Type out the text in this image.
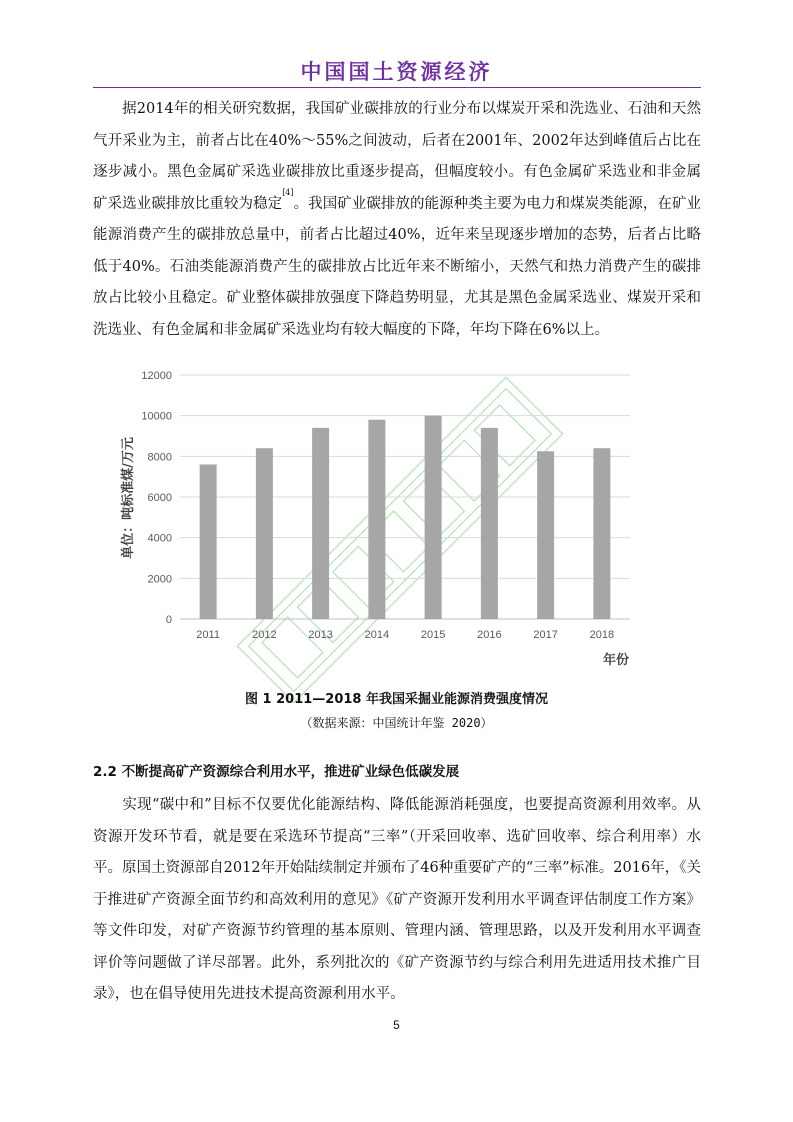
中国国土资源经济

据2014年的相关研究数据，我国矿业碳排放的行业分布以煤炭开采和洗选业、石油和天然气开采业为主，前者占比在40%～55%之间波动，后者在2001年、2002年达到峰值后占比在逐步减小。黑色金属矿采选业碳排放比重逐步提高，但幅度较小。有色金属矿采选业和非金属矿采选业碳排放比重较为稳定[4]。我国矿业碳排放的能源种类主要为电力和煤炭类能源，在矿业能源消费产生的碳排放总量中，前者占比超过40%，近年来呈现逐步增加的态势，后者占比略低于40%。石油类能源消费产生的碳排放占比近年来不断缩小，天然气和热力消费产生的碳排放占比较小且稳定。矿业整体碳排放强度下降趋势明显，尤其是黑色金属采选业、煤炭开采和洗选业、有色金属和非金属矿采选业均有较大幅度的下降，年均下降在6%以上。

0
2000
4000
6000
8000
10000
12000
2011	2012	2013	2014	2015	2016	2017	2018
单位：吨标准煤/万元
年份
图 1 2011—2018 年我国采掘业能源消费强度情况
（数据来源：中国统计年鉴 2020）
2.2 不断提高矿产资源综合利用水平，推进矿业绿色低碳发展

实现“碳中和”目标不仅要优化能源结构、降低能源消耗强度，也要提高资源利用效率。从资源开发环节看，就是要在采选环节提高“三率”（开采回收率、选矿回收率、综合利用率）水平。原国土资源部自2012年开始陆续制定并颁布了46种重要矿产的“三率”标准。2016年，《关于推进矿产资源全面节约和高效利用的意见》《矿产资源开发利用水平调查评估制度工作方案》等文件印发，对矿产资源节约管理的基本原则、管理内涵、管理思路，以及开发利用水平调查评价等问题做了详尽部署。此外，系列批次的《矿产资源节约与综合利用先进适用技术推广目录》，也在倡导使用先进技术提高资源利用水平。

5
